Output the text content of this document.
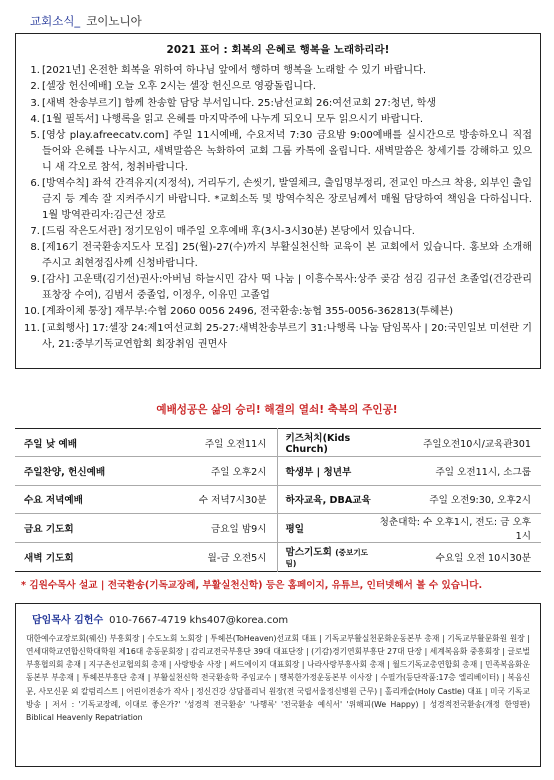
교회소식_ 코이노니아
2021 표어 : 회복의 은혜로 행복을 노래하리라!
1. [2021년] 온전한 회복을 위하여 하나님 앞에서 행하며 행복을 노래할 수 있기 바랍니다.
2. [셀장 헌신예배] 오늘 오후 2시는 셀장 헌신으로 영광돌립니다.
3. [새벽 찬송부르기] 함께 찬송할 담당 부서입니다. 25:남선교회 26:여선교회 27:청년, 학생
4. [1월 필독서] 나행록을 읽고 은혜를 마지막주에 나누게 되오니 모두 읽으시기 바랍니다.
5. [영상 play.afreecatv.com] 주일 11시예배, 수요저녁 7:30 금요밤 9:00예배를 실시간으로 방송하오니 직접 들어와 은혜를 나누시고, 새벽말씀은 녹화하여 교회 그룹 카톡에 올립니다. 새벽말씀은 창세기를 강해하고 있으니 새 각오로 참석, 청취바랍니다.
6. [방역수칙] 좌석 간격유지(지정석), 거리두기, 손씻기, 발열체크, 출입명부정리, 전교인 마스크 착용, 외부인 출입금지 등 계속 잘 지켜주시기 바랍니다. *교회소독 및 방역수칙은 장로님께서 매월 담당하여 책임을 다하십니다. 1월 방역관리자:김근선 장로
7. [드림 작은도서관] 정기모임이 매주일 오후예배 후(3시-3시30분) 본당에서 있습니다.
8. [제16기 전국환송지도사 모집] 25(월)-27(수)까지 부활실천신학 교육이 본 교회에서 있습니다. 홍보와 소개해 주시고 최현정집사께 신청바랍니다.
9. [감사] 고운택(김기선)권사:아버님 하늘시민 감사 떡 나눔 | 이흥수목사:상주 곶감 섬김 김규선 초졸업(건강관리 표창장 수여), 김범서 중졸업, 이정우, 이유민 고졸업
10. [계좌이체 통장] 재무부:수협 2060 0056 2496, 전국환송:농협 355-0056-362813(투헤븐)
11. [교회행사] 17:셀장 24:제1여선교회 25-27:새벽찬송부르기 31:나행록 나눔 담임목사 | 20:국민일보 미션란 기사, 21:중부기독교연합회 회장취임 권면사
예배성공은 삶의 승리! 해결의 열쇠! 축복의 주인공!
주일 낮 예배	주일 오전11시	키즈처치(Kids Church)	주일오전10시/교육관301
주일찬양, 헌신예배	주일 오후2시	학생부 | 청년부	주일 오전11시, 소그룹
수요 저녁예배	수 저녁7시30분	하자교육, DBA교육	주일 오전9:30, 오후2시
금요 기도회	금요일 밤9시	평일	청춘대학: 수 오후1시, 전도: 금 오후1시
새벽 기도회	월-금 오전5시	맘스기도회 (중보기도팀)	수요일 오전 10시30분
* 김원수목사 설교 | 전국환송(기독교장례, 부활실천신학) 등은 홈페이지, 유튜브, 인터넷해서 볼 수 있습니다.
담임목사 김헌수 010-7667-4719 khs407@korea.com
대한예수교장로회(웨신) 부흥회장 | 수도노회 노회장 | 투헤븐(ToHeaven)선교회 대표 | 기독교부활실천문화운동본부 총재 | 기독교부활문화원 원장 | 연세대학교연합신학대학원 제16대 총동문회장 | 감리교전국부흥단 39대 대표단장 | (기감)경기연회부흥단 27대 단장 | 세계복음화 중흥회장 | 글로벌부흥협의회 총재 | 지구촌선교협의회 총재 | 사랑방송 사장 | 써드에이지 대표회장 | 나라사랑부흥사회 총재 | 월드기독교총연합회 총재 | 민족복음화운동본부 부총재 | 투헤븐부흥단 총재 | 부활실천신학 전국환송학 주임교수 | 행복한가정운동본부 이사장 | 수필가(등단작품:17층 엘리베이터) | 복음신문, 사모신문 외 칼럼리스트 | 어린이전송가 작사 | 정신건강 상담플리닉 원장(전 국립서울정신병원 근무) | 홀리캐슬(Holy Castle) 대표 | 미국 기독교방송 | 저서 : '기독교장례, 이대로 좋은가?' '성경적 전국환송' '나행록' '전국환송 예식서' '위해피(We Happy) | 성경적전국환송(개정 한영판) Biblical Heavenly Repatriation
